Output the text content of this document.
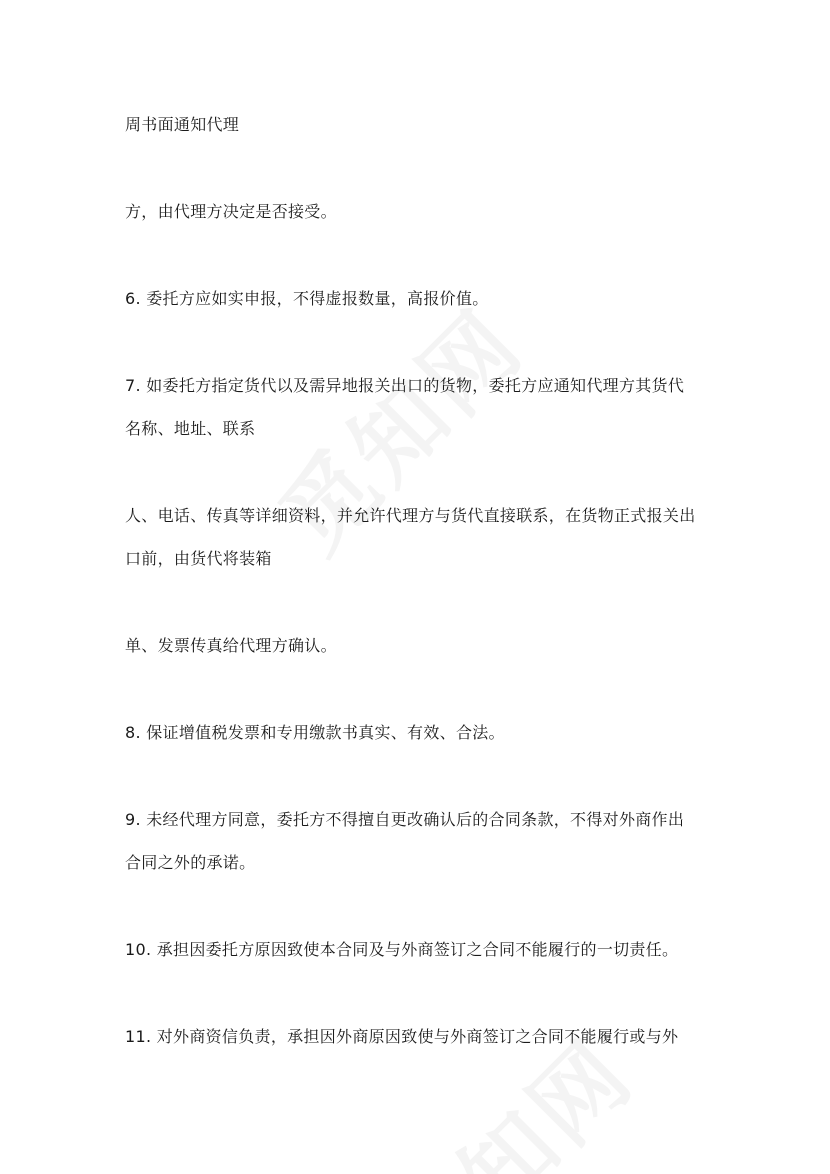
周书面通知代理
方，由代理方决定是否接受。
6. 委托方应如实申报，不得虚报数量，高报价值。
7. 如委托方指定货代以及需异地报关出口的货物，委托方应通知代理方其货代
名称、地址、联系
人、电话、传真等详细资料，并允许代理方与货代直接联系，在货物正式报关出
口前，由货代将装箱
单、发票传真给代理方确认。
8. 保证增值税发票和专用缴款书真实、有效、合法。
9. 未经代理方同意，委托方不得擅自更改确认后的合同条款，不得对外商作出
合同之外的承诺。
10. 承担因委托方原因致使本合同及与外商签订之合同不能履行的一切责任。
11. 对外商资信负责，承担因外商原因致使与外商签订之合同不能履行或与外
